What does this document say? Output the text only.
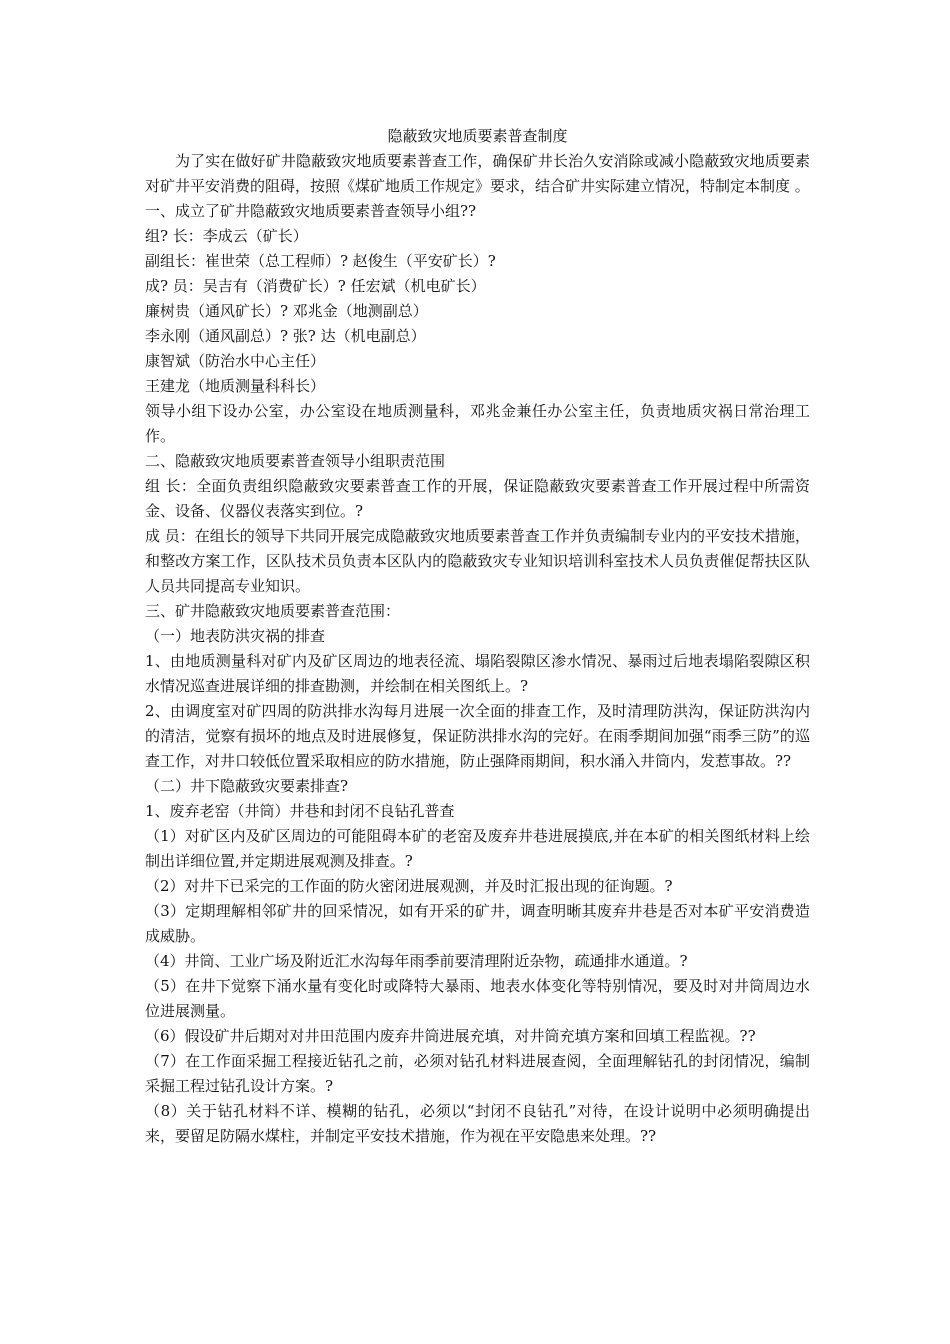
隐蔽致灾地质要素普查制度
为了实在做好矿井隐蔽致灾地质要素普查工作，确保矿井长治久安消除或减小隐蔽致灾地质要素对矿井平安消费的阻碍，按照《煤矿地质工作规定》要求，结合矿井实际建立情况，特制定本制度 。
一、成立了矿井隐蔽致灾地质要素普查领导小组??
组? 长：李成云（矿长）
副组长：崔世荣（总工程师）? 赵俊生（平安矿长）?
成? 员：吴吉有（消费矿长）? 任宏斌（机电矿长）
廉树贵（通风矿长）? 邓兆金（地测副总）
李永刚（通风副总）? 张? 达（机电副总）
康智斌（防治水中心主任）
王建龙（地质测量科科长）
领导小组下设办公室，办公室设在地质测量科，邓兆金兼任办公室主任，负责地质灾祸日常治理工作。
二、隐蔽致灾地质要素普查领导小组职责范围
组 长：全面负责组织隐蔽致灾要素普查工作的开展，保证隐蔽致灾要素普查工作开展过程中所需资金、设备、仪器仪表落实到位。?
成 员：在组长的领导下共同开展完成隐蔽致灾地质要素普查工作并负责编制专业内的平安技术措施，和整改方案工作，区队技术员负责本区队内的隐蔽致灾专业知识培训科室技术人员负责催促帮扶区队人员共同提高专业知识。
三、矿井隐蔽致灾地质要素普查范围：
（一）地表防洪灾祸的排查
1、由地质测量科对矿内及矿区周边的地表径流、塌陷裂隙区渗水情况、暴雨过后地表塌陷裂隙区积水情况巡查进展详细的排查勘测，并绘制在相关图纸上。?
2、由调度室对矿四周的防洪排水沟每月进展一次全面的排查工作，及时清理防洪沟，保证防洪沟内的清洁，觉察有损坏的地点及时进展修复，保证防洪排水沟的完好。在雨季期间加强“雨季三防”的巡查工作，对井口较低位置采取相应的防水措施，防止强降雨期间，积水涌入井筒内，发惹事故。??
（二）井下隐蔽致灾要素排查?
1、废弃老窑（井筒）井巷和封闭不良钻孔普查
（1）对矿区内及矿区周边的可能阻碍本矿的老窑及废弃井巷进展摸底,并在本矿的相关图纸材料上绘制出详细位置,并定期进展观测及排查。?
（2）对井下已采完的工作面的防火密闭进展观测，并及时汇报出现的征询题。?
（3）定期理解相邻矿井的回采情况，如有开采的矿井，调查明晰其废弃井巷是否对本矿平安消费造成威胁。
（4）井筒、工业广场及附近汇水沟每年雨季前要清理附近杂物，疏通排水通道。?
（5）在井下觉察下涌水量有变化时或降特大暴雨、地表水体变化等特别情况，要及时对井筒周边水位进展测量。
（6）假设矿井后期对对井田范围内废弃井筒进展充填，对井筒充填方案和回填工程监视。??
（7）在工作面采掘工程接近钻孔之前，必须对钻孔材料进展查阅，全面理解钻孔的封闭情况，编制采掘工程过钻孔设计方案。?
（8）关于钻孔材料不详、模糊的钻孔，必须以“封闭不良钻孔”对待，在设计说明中必须明确提出来，要留足防隔水煤柱，并制定平安技术措施，作为视在平安隐患来处理。??
